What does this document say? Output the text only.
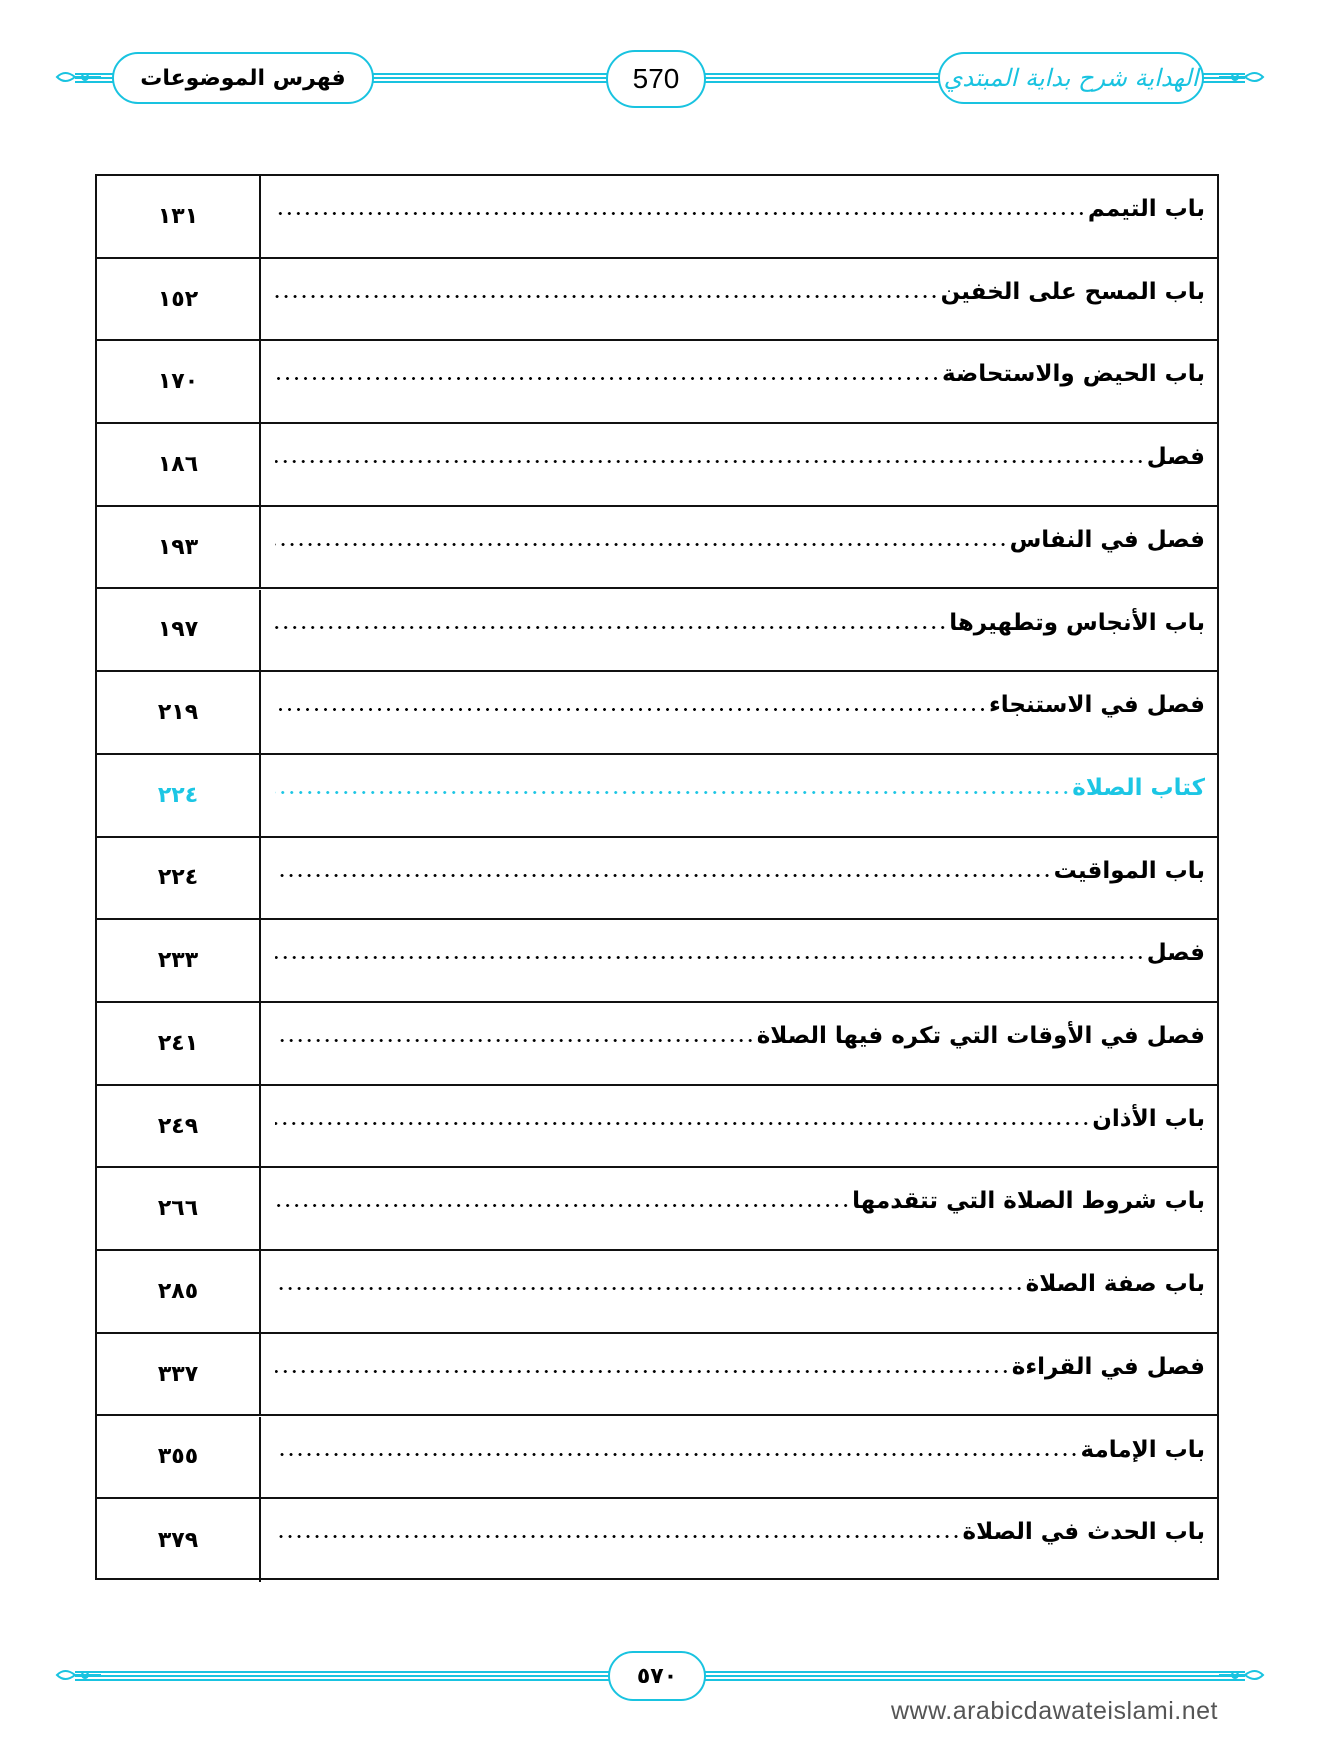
فهرس الموضوعات	570	الهداية شرح بداية المبتدي
١٣١	باب التيمم
١٥٢	باب المسح على الخفين
١٧٠	باب الحيض والاستحاضة
١٨٦	فصل
١٩٣	فصل في النفاس
١٩٧	باب الأنجاس وتطهيرها
٢١٩	فصل في الاستنجاء
٢٢٤	كتاب الصلاة
٢٢٤	باب المواقيت
٢٣٣	فصل
٢٤١	فصل في الأوقات التي تكره فيها الصلاة
٢٤٩	باب الأذان
٢٦٦	باب شروط الصلاة التي تتقدمها
٢٨٥	باب صفة الصلاة
٣٣٧	فصل في القراءة
٣٥٥	باب الإمامة
٣٧٩	باب الحدث في الصلاة
٥٧٠
www.arabicdawateislami.net
